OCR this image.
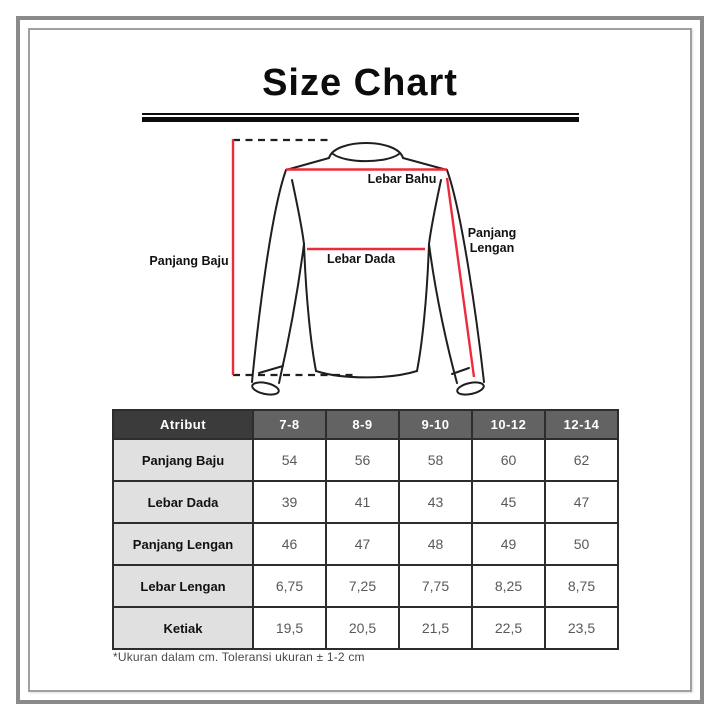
Size Chart
Panjang Baju
Lebar Bahu
Lebar Dada
Panjang Lengan
Atribut	7-8	8-9	9-10	10-12	12-14
Panjang Baju	54	56	58	60	62
Lebar Dada	39	41	43	45	47
Panjang Lengan	46	47	48	49	50
Lebar Lengan	6,75	7,25	7,75	8,25	8,75
Ketiak	19,5	20,5	21,5	22,5	23,5
*Ukuran dalam cm. Toleransi ukuran ± 1-2 cm
